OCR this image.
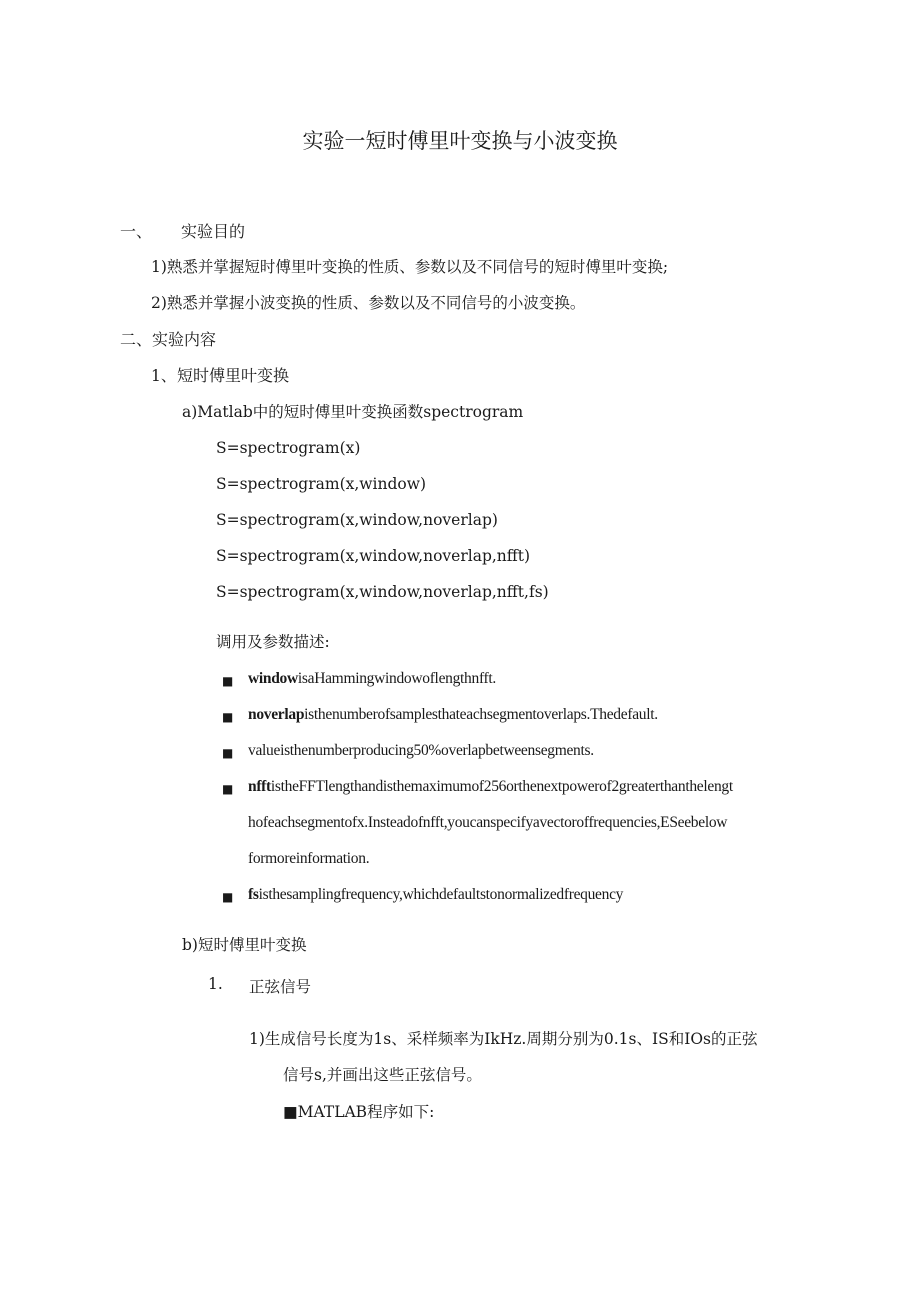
实验一短时傅里叶变换与小波变换
一、 实验目的
1)熟悉并掌握短时傅里叶变换的性质、参数以及不同信号的短时傅里叶变换;
2)熟悉并掌握小波变换的性质、参数以及不同信号的小波变换。
二、实验内容
1、 短时傅里叶变换
a)Matlab中的短时傅里叶变换函数spectrogram
S=spectrogram(x)
S=spectrogram(x,window)
S=spectrogram(x,window,noverlap)
S=spectrogram(x,window,noverlap,nfft)
S=spectrogram(x,window,noverlap,nfft,fs)
调用及参数描述:
■ windowisaHammingwindowoflengthnfft.
■ noverlapisthenumberofsamplesthateachsegmentoverlaps.Thedefault.
■ valueisthenumberproducing50%overlapbetweensegments.
■ nfftistheFFTlengthandisthemaximumof256orthenextpowerof2greaterthanthelengt
hofeachsegmentofx.Insteadofnfft,youcanspecifyavectoroffrequencies,ESeebelow
formoreinformation.
■ fsisthesamplingfrequency,whichdefaultstonormalizedfrequency
b)短时傅里叶变换
1. 正弦信号
1)生成信号长度为1s、采样频率为IkHz.周期分别为0.1s、IS和IOs的正弦
信号s,并画出这些正弦信号。
■MATLAB程序如下:
